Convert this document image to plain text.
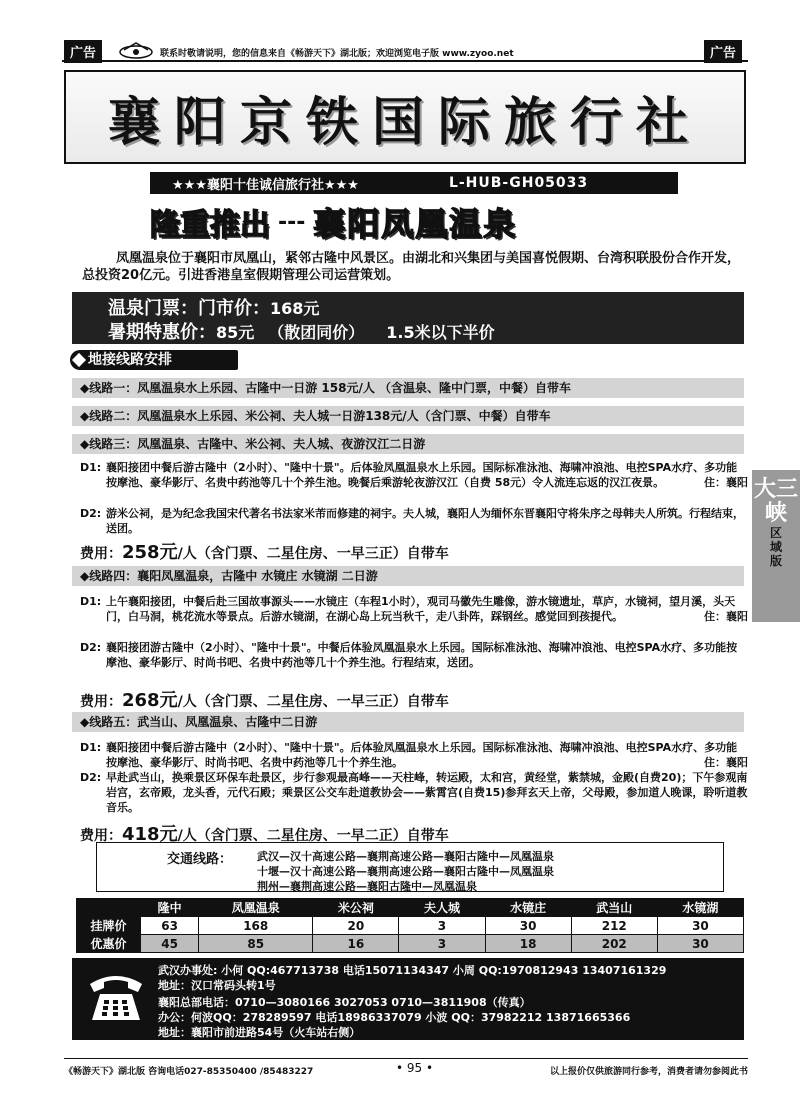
广告	联系时敬请说明，您的信息来自《畅游天下》湖北版；欢迎浏览电子版 www.zyoo.net	广告
襄阳京铁国际旅行社
★★★襄阳十佳诚信旅行社★★★	L-HUB-GH05033
隆重推出 --- 襄阳凤凰温泉
凤凰温泉位于襄阳市凤凰山，紧邻古隆中风景区。由湖北和兴集团与美国喜悦假期、台湾积联股份合作开发，总投资20亿元。引进香港皇室假期管理公司运营策划。
温泉门票：门市价：168元
暑期特惠价：85元 （散团同价） 1.5米以下半价
地接线路安排
◆线路一：凤凰温泉水上乐园、古隆中一日游 158元/人 （含温泉、隆中门票，中餐）自带车
◆线路二：凤凰温泉水上乐园、米公祠、夫人城一日游138元/人（含门票、中餐）自带车
◆线路三：凤凰温泉、古隆中、米公祠、夫人城、夜游汉江二日游
D1: 襄阳接团中餐后游古隆中（2小时）、"隆中十景"。后体验凤凰温泉水上乐园。国际标准泳池、海啸冲浪池、电控SPA水疗、多功能按摩池、豪华影厅、名贵中药池等几十个养生池。晚餐后乘游轮夜游汉江（自费 58元）令人流连忘返的汉江夜景。	住：襄阳
D2: 游米公祠，是为纪念我国宋代著名书法家米芾而修建的祠宇。夫人城，襄阳人为缅怀东晋襄阳守将朱序之母韩夫人所筑。行程结束，送团。
费用：258元/人（含门票、二星住房、一早三正）自带车
◆线路四：襄阳凤凰温泉，古隆中 水镜庄 水镜湖 二日游
D1: 上午襄阳接团，中餐后赴三国故事源头——水镜庄（车程1小时），观司马徽先生雕像，游水镜遗址，草庐，水镜祠，望月溪，头天门，白马洞，桃花流水等景点。后游水镜湖，在湖心岛上玩当秋千，走八卦阵，踩钢丝。感觉回到孩提代。	住：襄阳
D2: 襄阳接团游古隆中（2小时）、"隆中十景"。中餐后体验凤凰温泉水上乐园。国际标准泳池、海啸冲浪池、电控SPA水疗、多功能按摩池、豪华影厅、时尚书吧、名贵中药池等几十个养生池。行程结束，送团。
费用：268元/人（含门票、二星住房、一早三正）自带车
◆线路五：武当山、凤凰温泉、古隆中二日游
D1: 襄阳接团中餐后游古隆中（2小时）、"隆中十景"。后体验凤凰温泉水上乐园。国际标准泳池、海啸冲浪池、电控SPA水疗、多功能按摩池、豪华影厅、时尚书吧、名贵中药池等几十个养生池。	住：襄阳
D2: 早赴武当山，换乘景区环保车赴景区，步行参观最高峰——天柱峰，转运殿，太和宫，黄经堂，紫禁城，金殿(自费20)；下午参观南岩宫，玄帝殿，龙头香，元代石殿；乘景区公交车赴道教协会——紫霄宫(自费15)参拜玄天上帝，父母殿，参加道人晚课，聆听道教音乐。
费用：418元/人（含门票、二星住房、一早二正）自带车
大三峡
区
域
版
交通线路： 武汉—汉十高速公路—襄荆高速公路—襄阳古隆中—凤凰温泉
十堰—汉十高速公路—襄荆高速公路—襄阳古隆中—凤凰温泉
荆州—襄荆高速公路—襄阳古隆中—凤凰温泉
	隆中	凤凰温泉	米公祠	夫人城	水镜庄	武当山	水镜湖
挂牌价	63	168	20	3	30	212	30
优惠价	45	85	16	3	18	202	30
武汉办事处: 小何 QQ:467713738 电话15071134347 小周 QQ:1970812943 13407161329
地址：汉口常码头转1号
襄阳总部电话：0710—3080166 3027053 0710—3811908（传真）
办公：何波QQ：278289597 电话18986337079 小波 QQ：37982212 13871665366
地址：襄阳市前进路54号（火车站右侧）
《畅游天下》湖北版 咨询电话027-85350400 /85483227	• 95 •	以上报价仅供旅游同行参考，消费者请勿参阅此书
